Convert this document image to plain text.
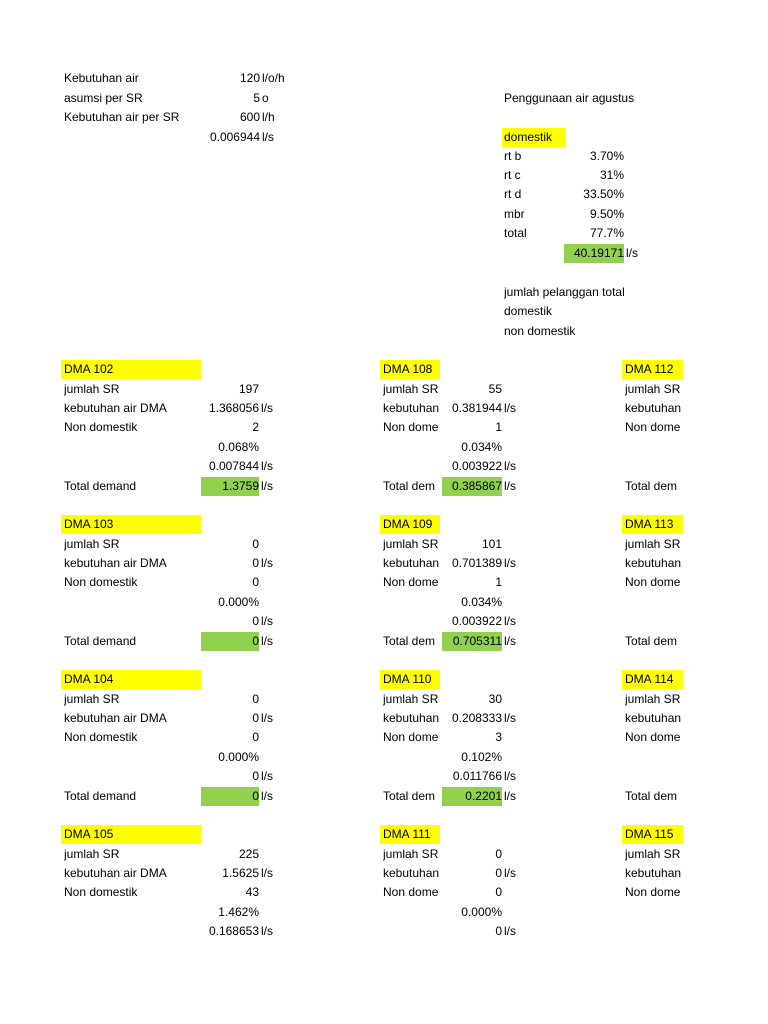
Kebutuhan air	120 l/o/h
asumsi per SR	5 o
Kebutuhan air per SR	600 l/h
0.006944 l/s
Penggunaan air agustus
domestik
rt b	3.70%
rt c	31%
rt d	33.50%
mbr	9.50%
total	77.7%
40.19171 l/s
jumlah pelanggan total
domestik
non domestik
DMA 102
jumlah SR	197
kebutuhan air DMA	1.368056 l/s
Non domestik	2
0.068%
0.007844 l/s
Total demand	1.3759 l/s
DMA 103
jumlah SR	0
kebutuhan air DMA	0 l/s
Non domestik	0
0.000%
0 l/s
Total demand	0 l/s
DMA 104
jumlah SR	0
kebutuhan air DMA	0 l/s
Non domestik	0
0.000%
0 l/s
Total demand	0 l/s
DMA 105
jumlah SR	225
kebutuhan air DMA	1.5625 l/s
Non domestik	43
1.462%
0.168653 l/s
DMA 108
jumlah SR	55
kebutuhan	0.381944 l/s
Non dome	1
0.034%
0.003922 l/s
Total dem	0.385867 l/s
DMA 109
jumlah SR	101
kebutuhan	0.701389 l/s
Non dome	1
0.034%
0.003922 l/s
Total dem	0.705311 l/s
DMA 110
jumlah SR	30
kebutuhan	0.208333 l/s
Non dome	3
0.102%
0.011766 l/s
Total dem	0.2201 l/s
DMA 111
jumlah SR	0
kebutuhan	0 l/s
Non dome	0
0.000%
0 l/s
DMA 112
jumlah SR
kebutuhan
Non dome
Total dem
DMA 113
jumlah SR
kebutuhan
Non dome
Total dem
DMA 114
jumlah SR
kebutuhan
Non dome
Total dem
DMA 115
jumlah SR
kebutuhan
Non dome
